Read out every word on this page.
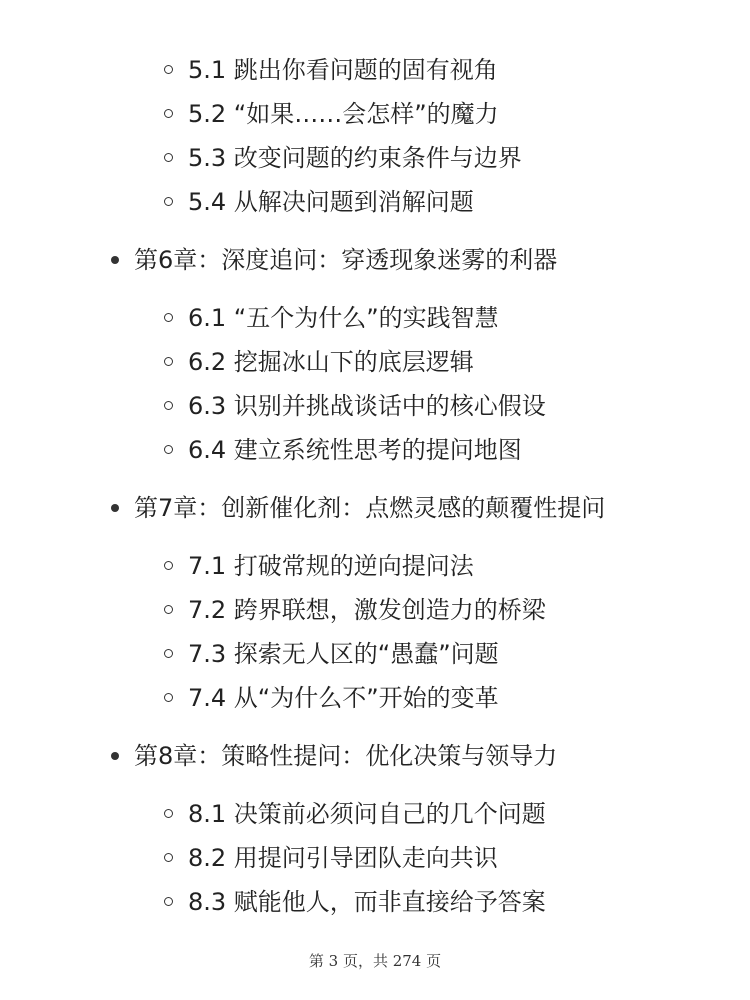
5.1 跳出你看问题的固有视角
5.2 “如果……会怎样”的魔力
5.3 改变问题的约束条件与边界
5.4 从解决问题到消解问题
第6章：深度追问：穿透现象迷雾的利器
6.1 “五个为什么”的实践智慧
6.2 挖掘冰山下的底层逻辑
6.3 识别并挑战谈话中的核心假设
6.4 建立系统性思考的提问地图
第7章：创新催化剂：点燃灵感的颠覆性提问
7.1 打破常规的逆向提问法
7.2 跨界联想，激发创造力的桥梁
7.3 探索无人区的“愚蠢”问题
7.4 从“为什么不”开始的变革
第8章：策略性提问：优化决策与领导力
8.1 决策前必须问自己的几个问题
8.2 用提问引导团队走向共识
8.3 赋能他人，而非直接给予答案
第 3 页，共 274 页
